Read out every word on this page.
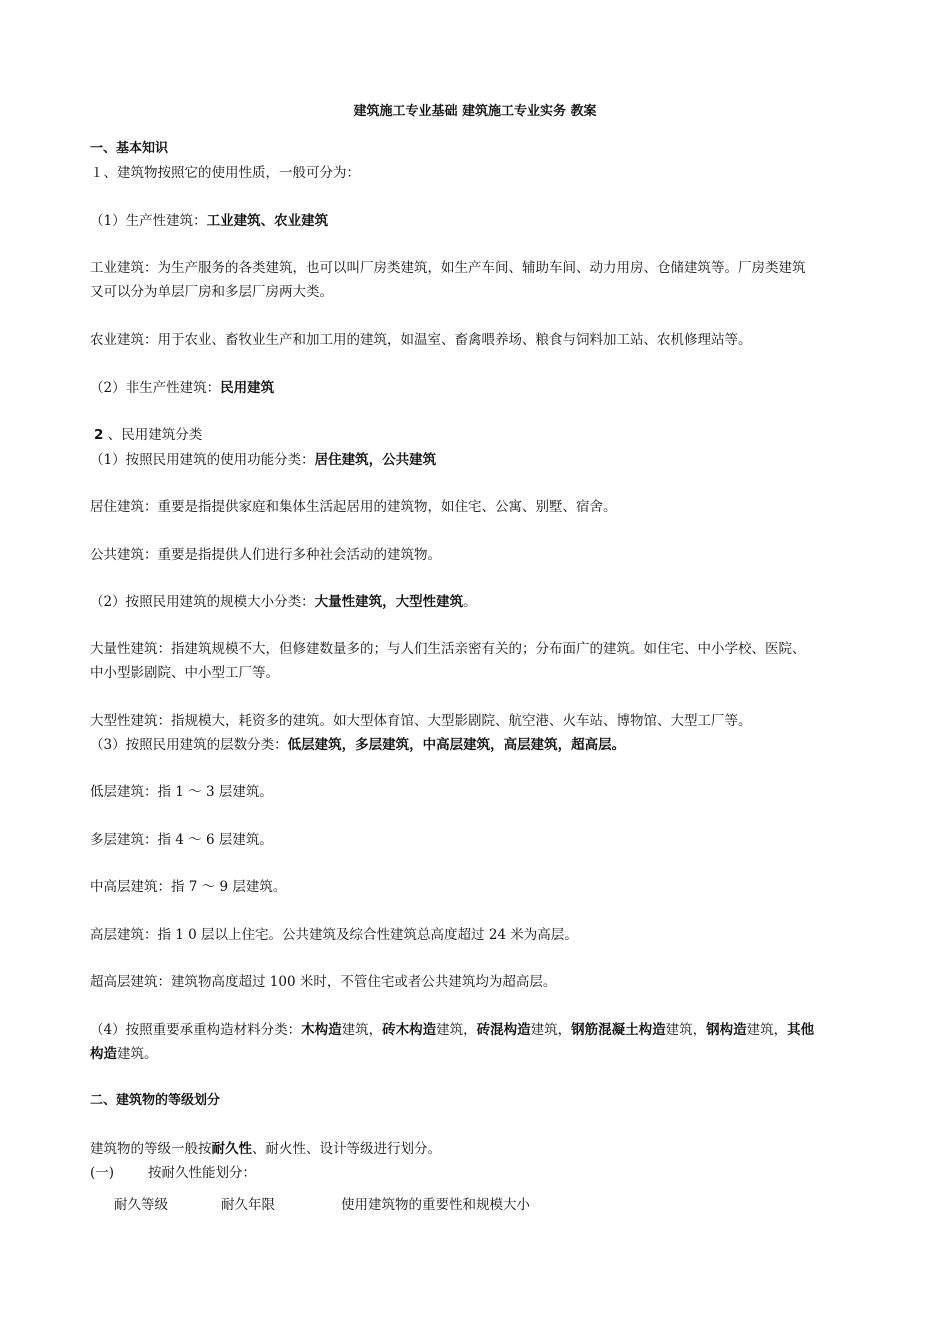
建筑施工专业基础 建筑施工专业实务 教案
一、基本知识
１、建筑物按照它的使用性质，一般可分为：
（1）生产性建筑：工业建筑、农业建筑
工业建筑：为生产服务的各类建筑，也可以叫厂房类建筑，如生产车间、辅助车间、动力用房、仓储建筑等。厂房类建筑
又可以分为单层厂房和多层厂房两大类。
农业建筑：用于农业、畜牧业生产和加工用的建筑，如温室、畜禽喂养场、粮食与饲料加工站、农机修理站等。
（2）非生产性建筑：民用建筑
2 、民用建筑分类
（1）按照民用建筑的使用功能分类：居住建筑，公共建筑
居住建筑：重要是指提供家庭和集体生活起居用的建筑物，如住宅、公寓、别墅、宿舍。
公共建筑：重要是指提供人们进行多种社会活动的建筑物。
（2）按照民用建筑的规模大小分类：大量性建筑，大型性建筑。
大量性建筑：指建筑规模不大，但修建数量多的；与人们生活亲密有关的；分布面广的建筑。如住宅、中小学校、医院、
中小型影剧院、中小型工厂等。
大型性建筑：指规模大，耗资多的建筑。如大型体育馆、大型影剧院、航空港、火车站、博物馆、大型工厂等。
（3）按照民用建筑的层数分类：低层建筑，多层建筑，中高层建筑，高层建筑，超高层。
低层建筑：指 1 ～ 3 层建筑。
多层建筑：指 4 ～ 6 层建筑。
中高层建筑：指 7 ～ 9 层建筑。
高层建筑：指 1 0 层以上住宅。公共建筑及综合性建筑总高度超过 24 米为高层。
超高层建筑：建筑物高度超过 100 米时，不管住宅或者公共建筑均为超高层。
（4）按照重要承重构造材料分类：木构造建筑，砖木构造建筑，砖混构造建筑，钢筋混凝土构造建筑，钢构造建筑，其他
构造建筑。
二、建筑物的等级划分
建筑物的等级一般按耐久性、耐火性、设计等级进行划分。
(一)	按耐久性能划分：
耐久等级	耐久年限	使用建筑物的重要性和规模大小
